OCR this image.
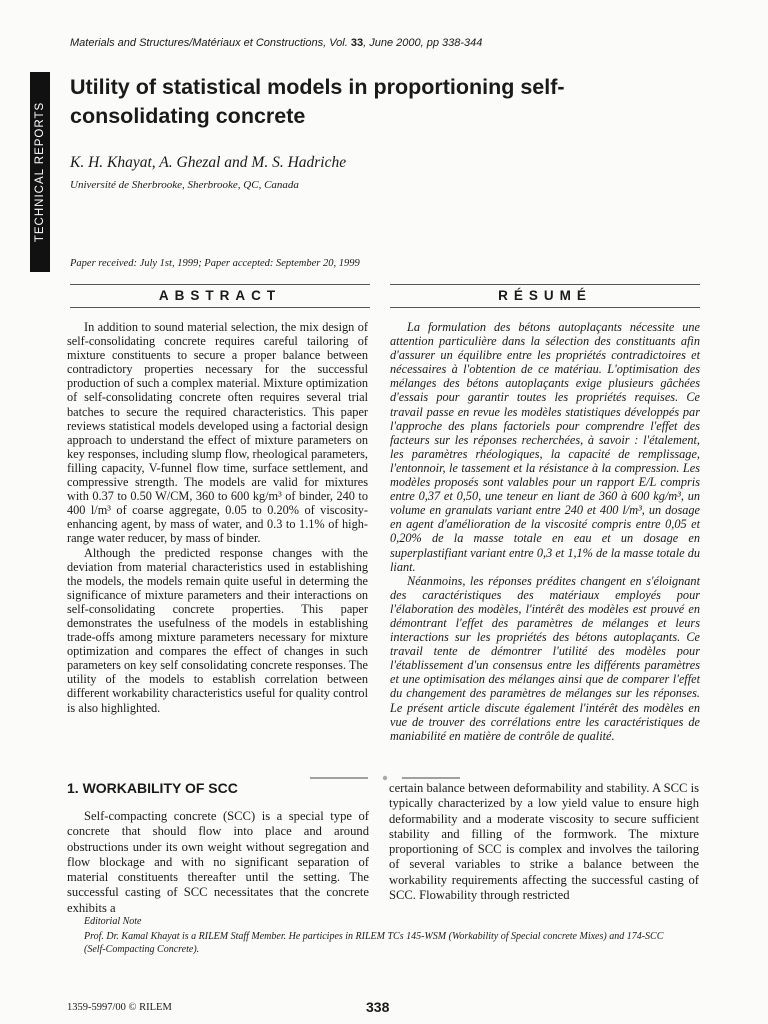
TECHNICAL REPORTS
Materials and Structures/Matériaux et Constructions, Vol. 33, June 2000, pp 338-344
Utility of statistical models in proportioning self-consolidating concrete
K. H. Khayat, A. Ghezal and M. S. Hadriche
Université de Sherbrooke, Sherbrooke, QC, Canada
Paper received: July 1st, 1999; Paper accepted: September 20, 1999
ABSTRACT	RÉSUMÉ

In addition to sound material selection, the mix design of self-consolidating concrete requires careful tailoring of mixture constituents to secure a proper balance between contradictory properties necessary for the successful production of such a complex material. Mixture optimization of self-consolidating concrete often requires several trial batches to secure the required characteristics. This paper reviews statistical models developed using a factorial design approach to understand the effect of mixture parameters on key responses, including slump flow, rheological parameters, filling capacity, V-funnel flow time, surface settlement, and compressive strength. The models are valid for mixtures with 0.37 to 0.50 W/CM, 360 to 600 kg/m³ of binder, 240 to 400 l/m³ of coarse aggregate, 0.05 to 0.20% of viscosity-enhancing agent, by mass of water, and 0.3 to 1.1% of high-range water reducer, by mass of binder.

Although the predicted response changes with the deviation from material characteristics used in establishing the models, the models remain quite useful in determing the significance of mixture parameters and their interactions on self-consolidating concrete properties. This paper demonstrates the usefulness of the models in establishing trade-offs among mixture parameters necessary for mixture optimization and compares the effect of changes in such parameters on key self consolidating concrete responses. The utility of the models to establish correlation between different workability characteristics useful for quality control is also highlighted.

La formulation des bétons autoplaçants nécessite une attention particulière dans la sélection des constituants afin d'assurer un équilibre entre les propriétés contradictoires et nécessaires à l'obtention de ce matériau. L'optimisation des mélanges des bétons autoplaçants exige plusieurs gâchées d'essais pour garantir toutes les propriétés requises. Ce travail passe en revue les modèles statistiques développés par l'approche des plans factoriels pour comprendre l'effet des facteurs sur les réponses recherchées, à savoir : l'étalement, les paramètres rhéologiques, la capacité de remplissage, l'entonnoir, le tassement et la résistance à la compression. Les modèles proposés sont valables pour un rapport E/L compris entre 0,37 et 0,50, une teneur en liant de 360 à 600 kg/m³, un volume en granulats variant entre 240 et 400 l/m³, un dosage en agent d'amélioration de la viscosité compris entre 0,05 et 0,20% de la masse totale en eau et un dosage en superplastifiant variant entre 0,3 et 1,1% de la masse totale du liant.

Néanmoins, les réponses prédites changent en s'éloignant des caractéristiques des matériaux employés pour l'élaboration des modèles, l'intérêt des modèles est prouvé en démontrant l'effet des paramètres de mélanges et leurs interactions sur les propriétés des bétons autoplaçants. Ce travail tente de démontrer l'utilité des modèles pour l'établissement d'un consensus entre les différents paramètres et une optimisation des mélanges ainsi que de comparer l'effet du changement des paramètres de mélanges sur les réponses. Le présent article discute également l'intérêt des modèles en vue de trouver des corrélations entre les caractéristiques de maniabilité en matière de contrôle de qualité.

1. WORKABILITY OF SCC

Self-compacting concrete (SCC) is a special type of concrete that should flow into place and around obstructions under its own weight without segregation and flow blockage and with no significant separation of material constituents thereafter until the setting. The successful casting of SCC necessitates that the concrete exhibits a

certain balance between deformability and stability. A SCC is typically characterized by a low yield value to ensure high deformability and a moderate viscosity to secure sufficient stability and filling of the formwork. The mixture proportioning of SCC is complex and involves the tailoring of several variables to strike a balance between the workability requirements affecting the successful casting of SCC. Flowability through restricted

Editorial Note

Prof. Dr. Kamal Khayat is a RILEM Staff Member. He participes in RILEM TCs 145-WSM (Workability of Special concrete Mixes) and 174-SCC (Self-Compacting Concrete).

1359-5997/00 © RILEM	338
